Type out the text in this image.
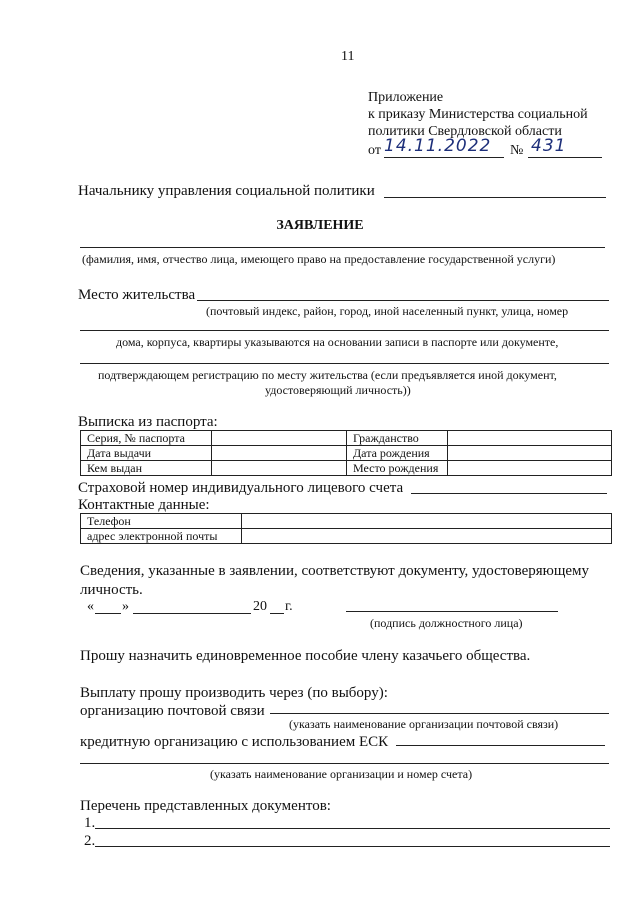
11
Приложение
к приказу Министерства социальной
политики Свердловской области
от 14.11.2022 № 431
Начальнику управления социальной политики
ЗАЯВЛЕНИЕ
(фамилия, имя, отчество лица, имеющего право на предоставление государственной услуги)
Место жительства
(почтовый индекс, район, город, иной населенный пункт, улица, номер
дома, корпуса, квартиры указываются на основании записи в паспорте или документе,
подтверждающем регистрацию по месту жительства (если предъявляется иной документ,
удостоверяющий личность))
Выписка из паспорта:
Серия, № паспорта		Гражданство	
Дата выдачи		Дата рождения	
Кем выдан		Место рождения	
Страховой номер индивидуального лицевого счета
Контактные данные:
Телефон	
адрес электронной почты	
Сведения, указанные в заявлении, соответствуют документу, удостоверяющему
личность.
« »	20 г.
(подпись должностного лица)
Прошу назначить единовременное пособие члену казачьего общества.
Выплату прошу производить через (по выбору):
организацию почтовой связи
(указать наименование организации почтовой связи)
кредитную организацию с использованием ЕСК
(указать наименование организации и номер счета)
Перечень представленных документов:
1.
2.
